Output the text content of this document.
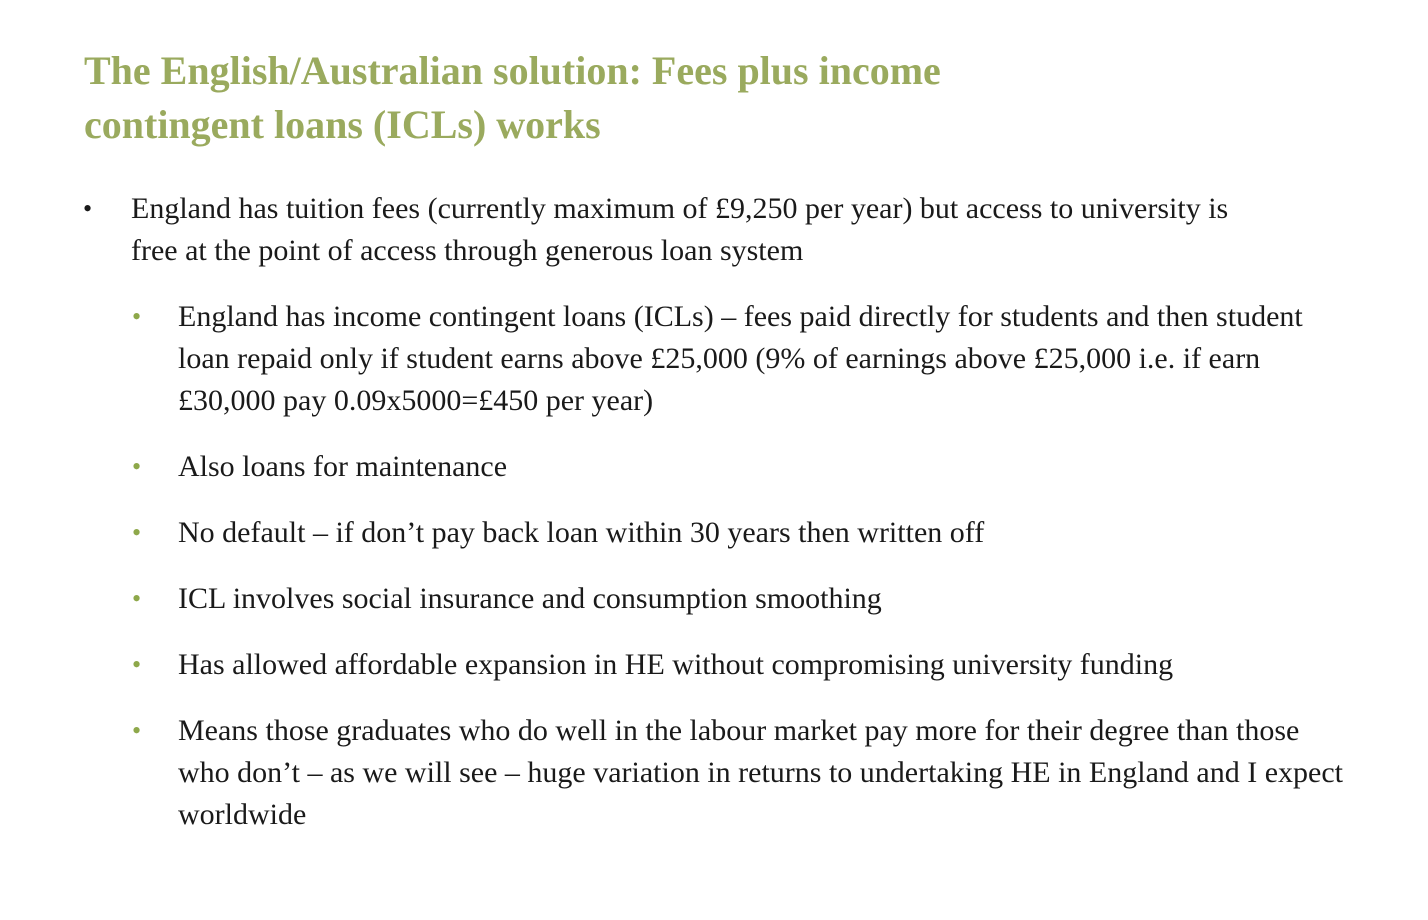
The English/Australian solution: Fees plus income
contingent loans (ICLs) works
• England has tuition fees (currently maximum of £9,250 per year) but access to university is free at the point of access through generous loan system
• England has income contingent loans (ICLs) – fees paid directly for students and then student loan repaid only if student earns above £25,000 (9% of earnings above £25,000 i.e. if earn £30,000 pay 0.09x5000=£450 per year)
• Also loans for maintenance
• No default – if don’t pay back loan within 30 years then written off
• ICL involves social insurance and consumption smoothing
• Has allowed affordable expansion in HE without compromising university funding
• Means those graduates who do well in the labour market pay more for their degree than those who don’t – as we will see – huge variation in returns to undertaking HE in England and I expect worldwide
